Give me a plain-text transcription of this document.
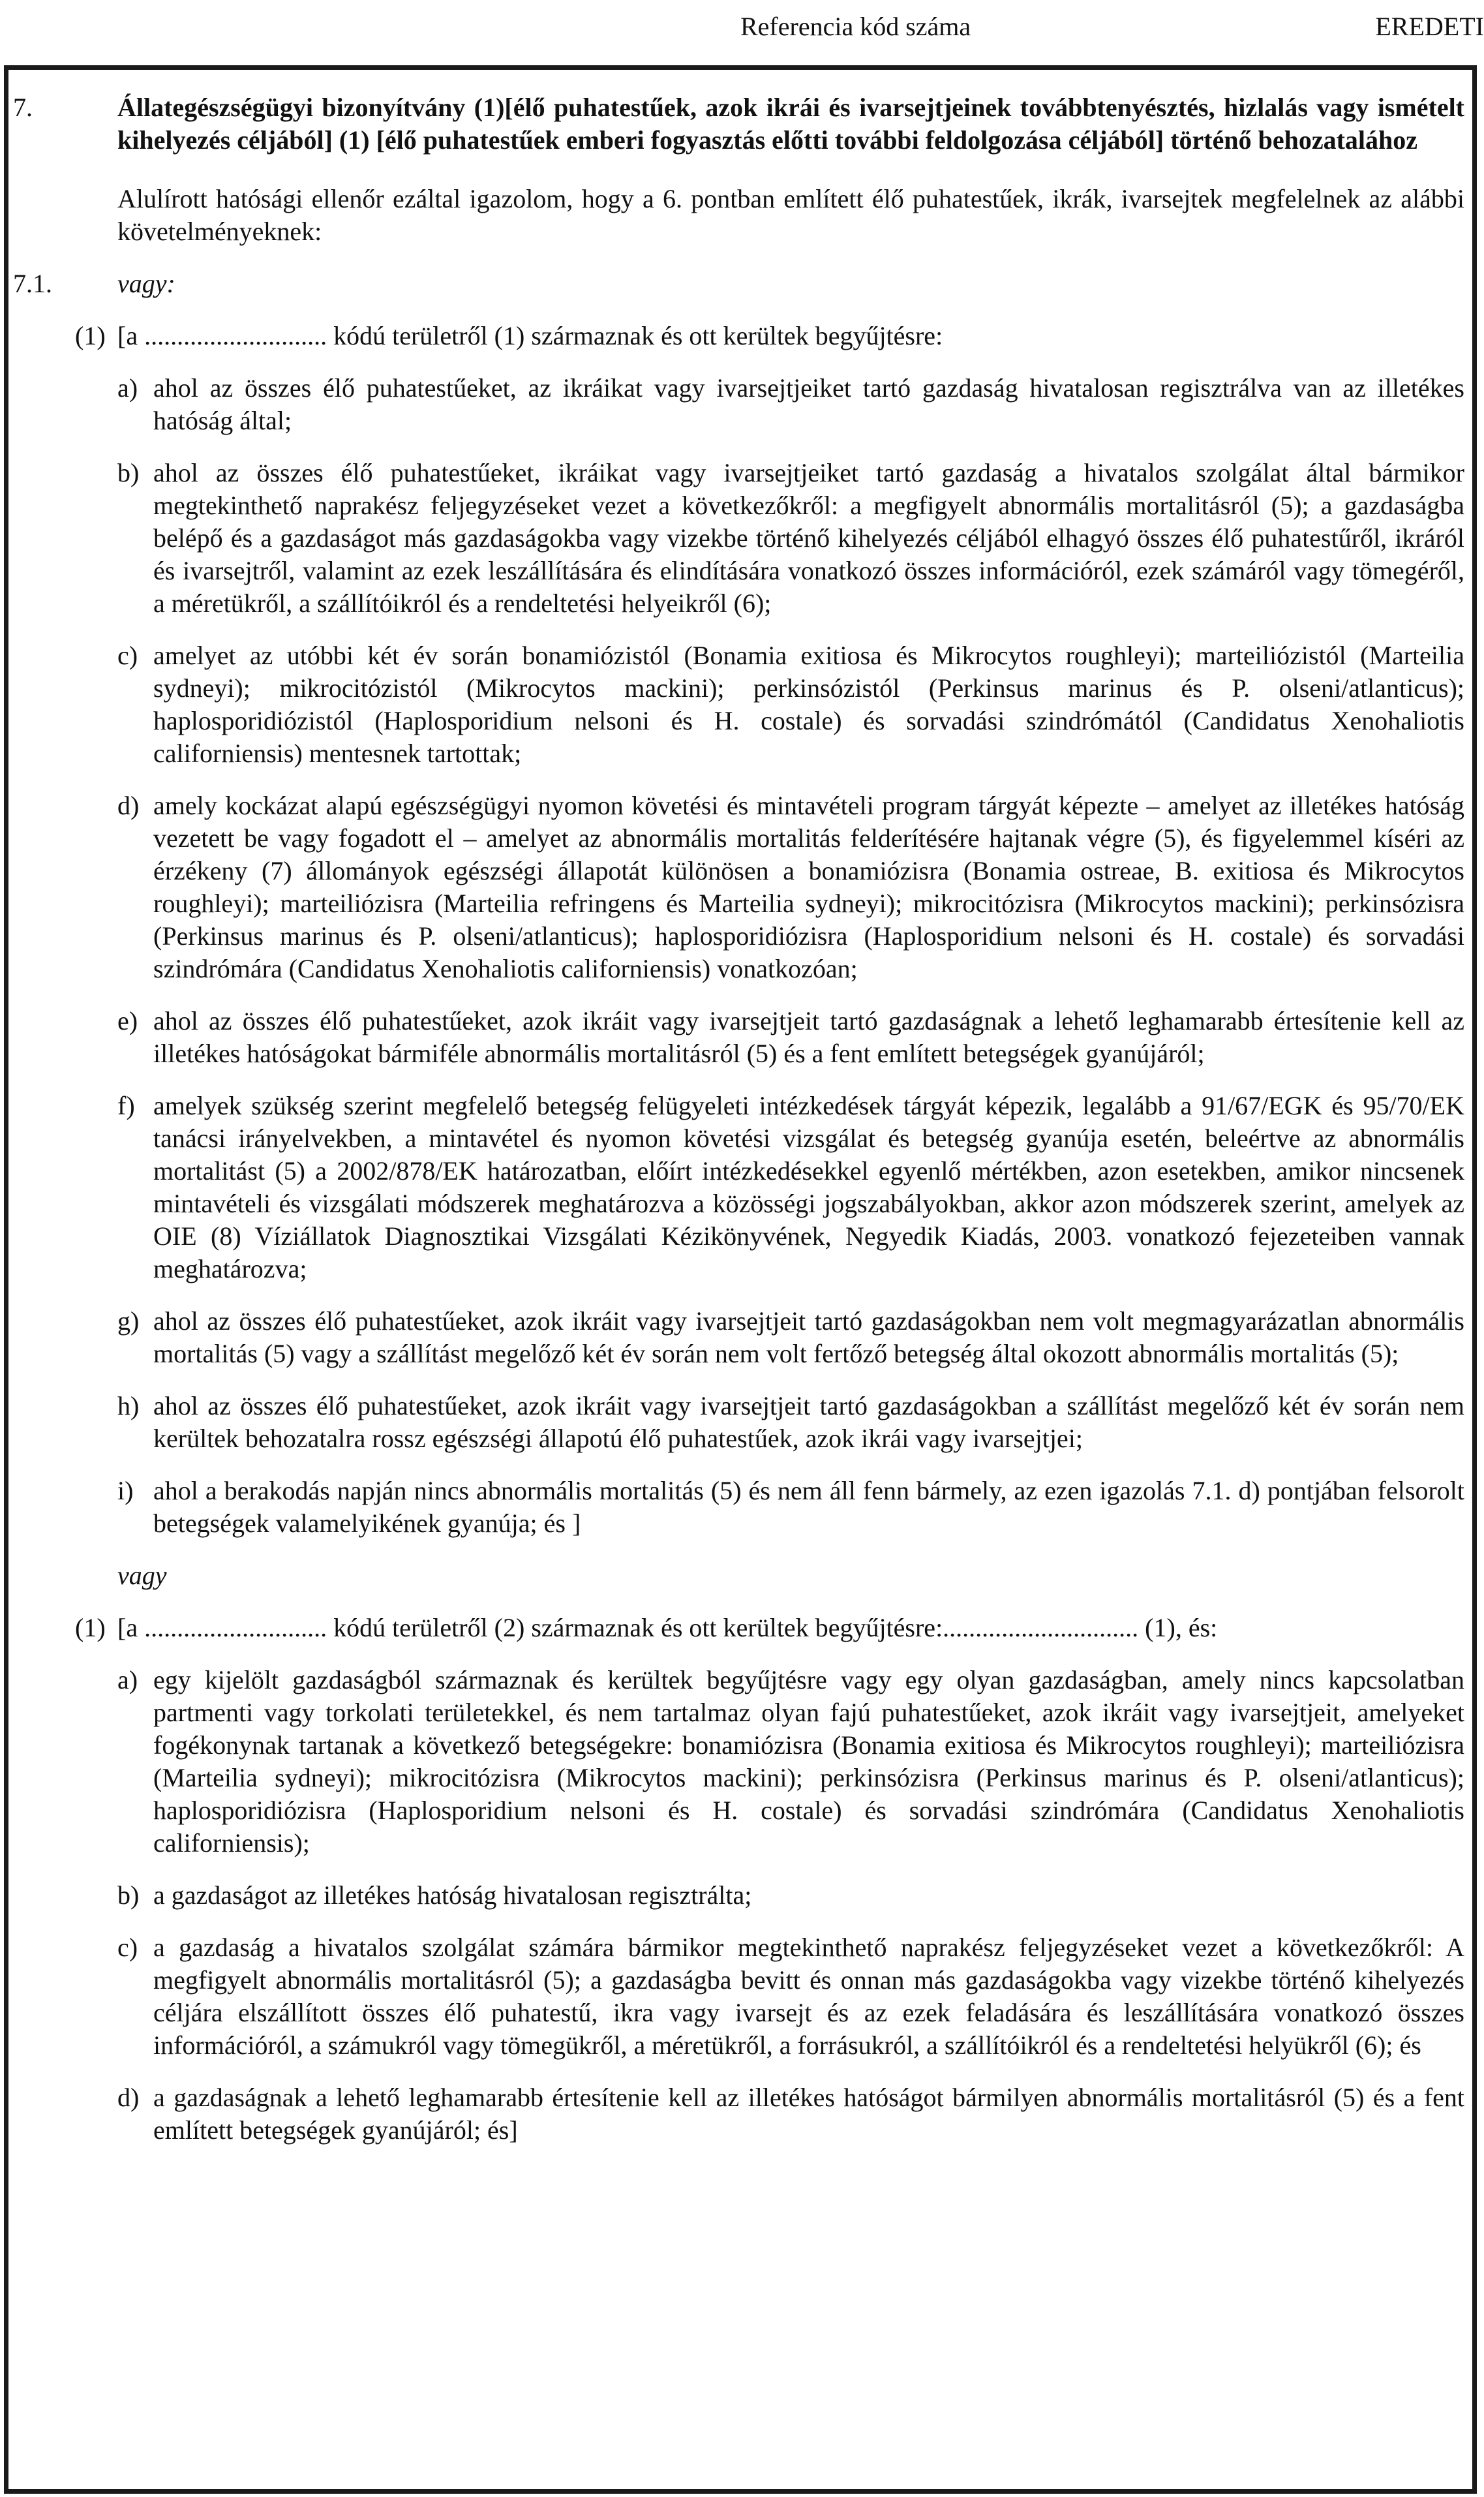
Referencia kód száma	EREDETI
7.	Állategészségügyi bizonyítvány (1)[élő puhatestűek, azok ikrái és ivarsejtjeinek továbbtenyésztés, hizlalás vagy ismételt kihelyezés céljából] (1) [élő puhatestűek emberi fogyasztás előtti további feldolgozása céljából] történő behozatalához
Alulírott hatósági ellenőr ezáltal igazolom, hogy a 6. pontban említett élő puhatestűek, ikrák, ivarsejtek megfelelnek az alábbi követelményeknek:
7.1.	vagy:
(1) [a ............................ kódú területről (1) származnak és ott kerültek begyűjtésre:
a) ahol az összes élő puhatestűeket, az ikráikat vagy ivarsejtjeiket tartó gazdaság hivatalosan regisztrálva van az illetékes hatóság által;
b) ahol az összes élő puhatestűeket, ikráikat vagy ivarsejtjeiket tartó gazdaság a hivatalos szolgálat által bármikor megtekinthető naprakész feljegyzéseket vezet a következőkről: a megfigyelt abnormális mortalitásról (5); a gazdaságba belépő és a gazdaságot más gazdaságokba vagy vizekbe történő kihelyezés céljából elhagyó összes élő puhatestűről, ikráról és ivarsejtről, valamint az ezek leszállítására és elindítására vonatkozó összes információról, ezek számáról vagy tömegéről, a méretükről, a szállítóikról és a rendeltetési helyeikről (6);
c) amelyet az utóbbi két év során bonamiózistól (Bonamia exitiosa és Mikrocytos roughleyi); marteiliózistól (Marteilia sydneyi); mikrocitózistól (Mikrocytos mackini); perkinsózistól (Perkinsus marinus és P. olseni/atlanticus); haplosporidiózistól (Haplosporidium nelsoni és H. costale) és sorvadási szindrómától (Candidatus Xenohaliotis californiensis) mentesnek tartottak;
d) amely kockázat alapú egészségügyi nyomon követési és mintavételi program tárgyát képezte – amelyet az illetékes hatóság vezetett be vagy fogadott el – amelyet az abnormális mortalitás felderítésére hajtanak végre (5), és figyelemmel kíséri az érzékeny (7) állományok egészségi állapotát különösen a bonamiózisra (Bonamia ostreae, B. exitiosa és Mikrocytos roughleyi); marteiliózisra (Marteilia refringens és Marteilia sydneyi); mikrocitózisra (Mikrocytos mackini); perkinsózisra (Perkinsus marinus és P. olseni/atlanticus); haplosporidiózisra (Haplosporidium nelsoni és H. costale) és sorvadási szindrómára (Candidatus Xenohaliotis californiensis) vonatkozóan;
e) ahol az összes élő puhatestűeket, azok ikráit vagy ivarsejtjeit tartó gazdaságnak a lehető leghamarabb értesítenie kell az illetékes hatóságokat bármiféle abnormális mortalitásról (5) és a fent említett betegségek gyanújáról;
f) amelyek szükség szerint megfelelő betegség felügyeleti intézkedések tárgyát képezik, legalább a 91/67/EGK és 95/70/EK tanácsi irányelvekben, a mintavétel és nyomon követési vizsgálat és betegség gyanúja esetén, beleértve az abnormális mortalitást (5) a 2002/878/EK határozatban, előírt intézkedésekkel egyenlő mértékben, azon esetekben, amikor nincsenek mintavételi és vizsgálati módszerek meghatározva a közösségi jogszabályokban, akkor azon módszerek szerint, amelyek az OIE (8) Víziállatok Diagnosztikai Vizsgálati Kézikönyvének, Negyedik Kiadás, 2003. vonatkozó fejezeteiben vannak meghatározva;
g) ahol az összes élő puhatestűeket, azok ikráit vagy ivarsejtjeit tartó gazdaságokban nem volt megmagyarázatlan abnormális mortalitás (5) vagy a szállítást megelőző két év során nem volt fertőző betegség által okozott abnormális mortalitás (5);
h) ahol az összes élő puhatestűeket, azok ikráit vagy ivarsejtjeit tartó gazdaságokban a szállítást megelőző két év során nem kerültek behozatalra rossz egészségi állapotú élő puhatestűek, azok ikrái vagy ivarsejtjei;
i) ahol a berakodás napján nincs abnormális mortalitás (5) és nem áll fenn bármely, az ezen igazolás 7.1. d) pontjában felsorolt betegségek valamelyikének gyanúja; és ]
vagy
(1) [a ............................ kódú területről (2) származnak és ott kerültek begyűjtésre:.............................. (1), és:
a) egy kijelölt gazdaságból származnak és kerültek begyűjtésre vagy egy olyan gazdaságban, amely nincs kapcsolatban partmenti vagy torkolati területekkel, és nem tartalmaz olyan fajú puhatestűeket, azok ikráit vagy ivarsejtjeit, amelyeket fogékonynak tartanak a következő betegségekre: bonamiózisra (Bonamia exitiosa és Mikrocytos roughleyi); marteiliózisra (Marteilia sydneyi); mikrocitózisra (Mikrocytos mackini); perkinsózisra (Perkinsus marinus és P. olseni/atlanticus); haplosporidiózisra (Haplosporidium nelsoni és H. costale) és sorvadási szindrómára (Candidatus Xenohaliotis californiensis);
b) a gazdaságot az illetékes hatóság hivatalosan regisztrálta;
c) a gazdaság a hivatalos szolgálat számára bármikor megtekinthető naprakész feljegyzéseket vezet a következőkről: A megfigyelt abnormális mortalitásról (5); a gazdaságba bevitt és onnan más gazdaságokba vagy vizekbe történő kihelyezés céljára elszállított összes élő puhatestű, ikra vagy ivarsejt és az ezek feladására és leszállítására vonatkozó összes információról, a számukról vagy tömegükről, a méretükről, a forrásukról, a szállítóikról és a rendeltetési helyükről (6); és
d) a gazdaságnak a lehető leghamarabb értesítenie kell az illetékes hatóságot bármilyen abnormális mortalitásról (5) és a fent említett betegségek gyanújáról; és]
